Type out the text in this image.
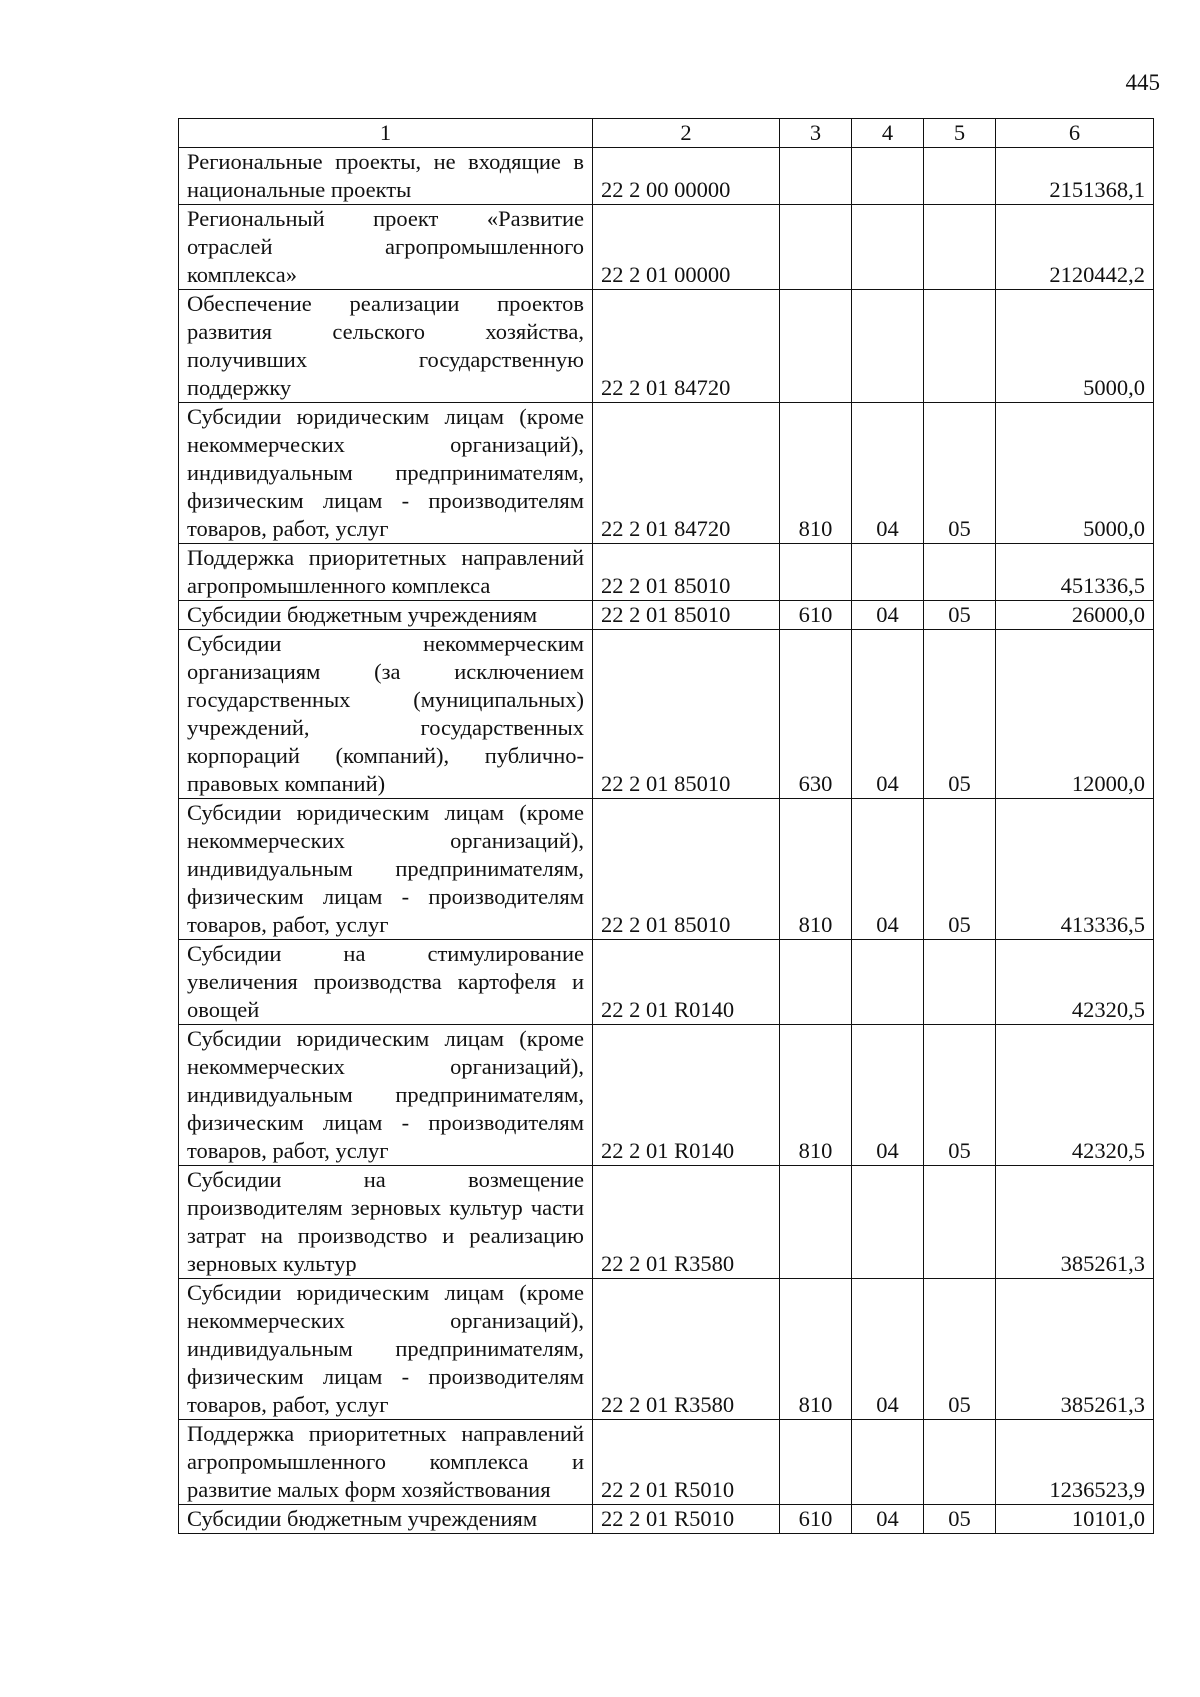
445
1	2	3	4	5	6
Региональные проекты, не входящие в национальные проекты	22 2 00 00000				2151368,1
Региональный проект «Развитие отраслей агропромышленного комплекса»	22 2 01 00000				2120442,2
Обеспечение реализации проектов развития сельского хозяйства, получивших государственную поддержку	22 2 01 84720				5000,0
Субсидии юридическим лицам (кроме некоммерческих организаций), индивидуальным предпринимателям, физическим лицам - производителям товаров, работ, услуг	22 2 01 84720	810	04	05	5000,0
Поддержка приоритетных направлений агропромышленного комплекса	22 2 01 85010				451336,5
Субсидии бюджетным учреждениям	22 2 01 85010	610	04	05	26000,0
Субсидии некоммерческим организациям (за исключением государственных (муниципальных) учреждений, государственных корпораций (компаний), публично-правовых компаний)	22 2 01 85010	630	04	05	12000,0
Субсидии юридическим лицам (кроме некоммерческих организаций), индивидуальным предпринимателям, физическим лицам - производителям товаров, работ, услуг	22 2 01 85010	810	04	05	413336,5
Субсидии на стимулирование увеличения производства картофеля и овощей	22 2 01 R0140				42320,5
Субсидии юридическим лицам (кроме некоммерческих организаций), индивидуальным предпринимателям, физическим лицам - производителям товаров, работ, услуг	22 2 01 R0140	810	04	05	42320,5
Субсидии на возмещение производителям зерновых культур части затрат на производство и реализацию зерновых культур	22 2 01 R3580				385261,3
Субсидии юридическим лицам (кроме некоммерческих организаций), индивидуальным предпринимателям, физическим лицам - производителям товаров, работ, услуг	22 2 01 R3580	810	04	05	385261,3
Поддержка приоритетных направлений агропромышленного комплекса и развитие малых форм хозяйствования	22 2 01 R5010				1236523,9
Субсидии бюджетным учреждениям	22 2 01 R5010	610	04	05	10101,0
